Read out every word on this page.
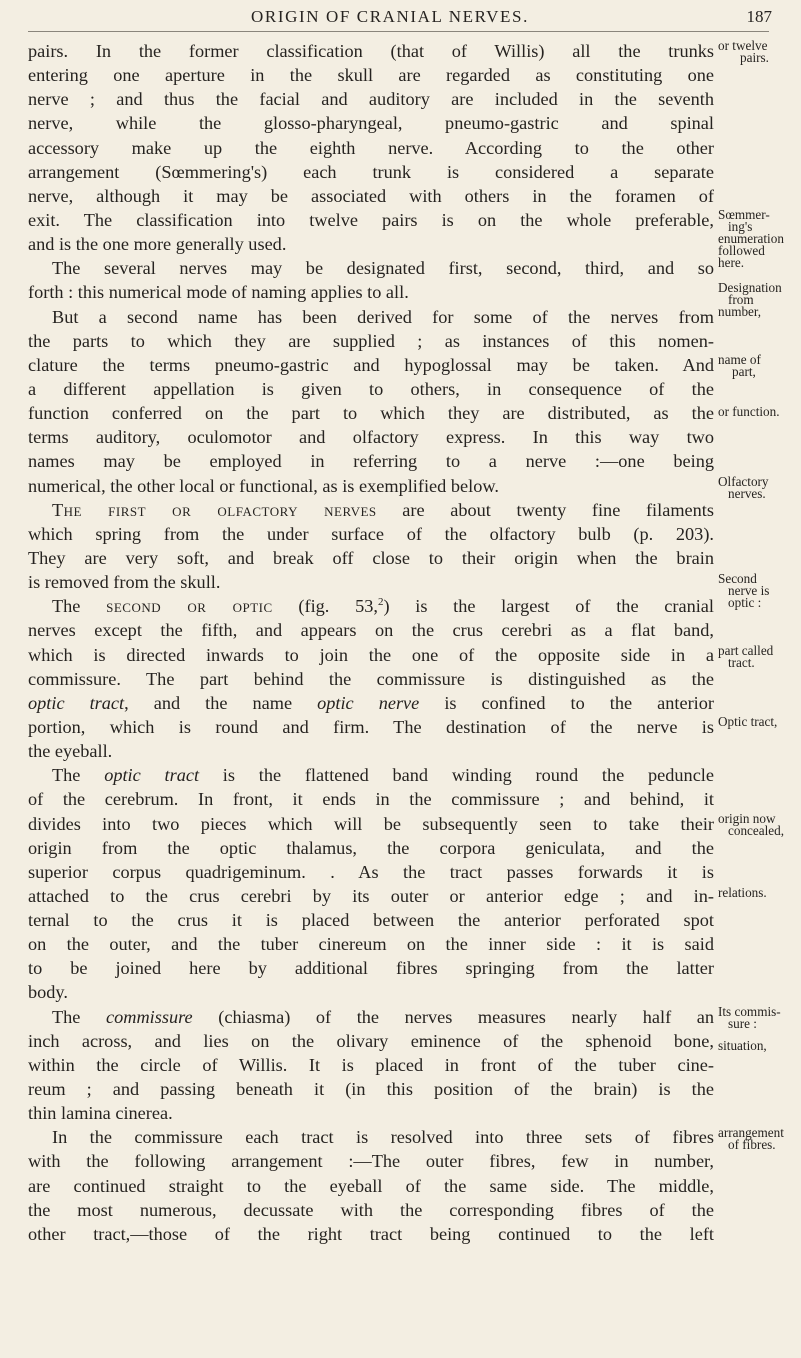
ORIGIN OF CRANIAL NERVES.	187
pairs. In the former classification (that of Willis) all the trunks
entering one aperture in the skull are regarded as constituting one
nerve ; and thus the facial and auditory are included in the seventh
nerve, while the glosso-pharyngeal, pneumo-gastric and spinal
accessory make up the eighth nerve. According to the other
arrangement (Sœmmering's) each trunk is considered a separate
nerve, although it may be associated with others in the foramen of
exit. The classification into twelve pairs is on the whole preferable,
and is the one more generally used.
The several nerves may be designated first, second, third, and so
forth : this numerical mode of naming applies to all.
But a second name has been derived for some of the nerves from
the parts to which they are supplied ; as instances of this nomen-
clature the terms pneumo-gastric and hypoglossal may be taken. And
a different appellation is given to others, in consequence of the
function conferred on the part to which they are distributed, as the
terms auditory, oculomotor and olfactory express. In this way two
names may be employed in referring to a nerve :—one being
numerical, the other local or functional, as is exemplified below.
The first or olfactory nerves are about twenty fine filaments
which spring from the under surface of the olfactory bulb (p. 203).
They are very soft, and break off close to their origin when the brain
is removed from the skull.
The second or optic (fig. 53,$^2$) is the largest of the cranial
nerves except the fifth, and appears on the crus cerebri as a flat band,
which is directed inwards to join the one of the opposite side in a
commissure. The part behind the commissure is distinguished as the
optic tract, and the name optic nerve is confined to the anterior
portion, which is round and firm. The destination of the nerve is
the eyeball.
The optic tract is the flattened band winding round the peduncle
of the cerebrum. In front, it ends in the commissure ; and behind, it
divides into two pieces which will be subsequently seen to take their
origin from the optic thalamus, the corpora geniculata, and the
superior corpus quadrigeminum. . As the tract passes forwards it is
attached to the crus cerebri by its outer or anterior edge ; and in-
ternal to the crus it is placed between the anterior perforated spot
on the outer, and the tuber cinereum on the inner side : it is said
to be joined here by additional fibres springing from the latter
body.
The commissure (chiasma) of the nerves measures nearly half an
inch across, and lies on the olivary eminence of the sphenoid bone,
within the circle of Willis. It is placed in front of the tuber cine-
reum ; and passing beneath it (in this position of the brain) is the
thin lamina cinerea.
In the commissure each tract is resolved into three sets of fibres
with the following arrangement :—The outer fibres, few in number,
are continued straight to the eyeball of the same side. The middle,
the most numerous, decussate with the corresponding fibres of the
other tract,—those of the right tract being continued to the left
or twelve
pairs.
Sœmmer-
ing's
enumeration
followed
here.
Designation
from
number,
name of
part,
or function.
Olfactory
nerves.
Second
nerve is
optic :
part called
tract.
Optic tract,
origin now
concealed,
relations.
Its commis-
sure :
situation,
arrangement
of fibres.
